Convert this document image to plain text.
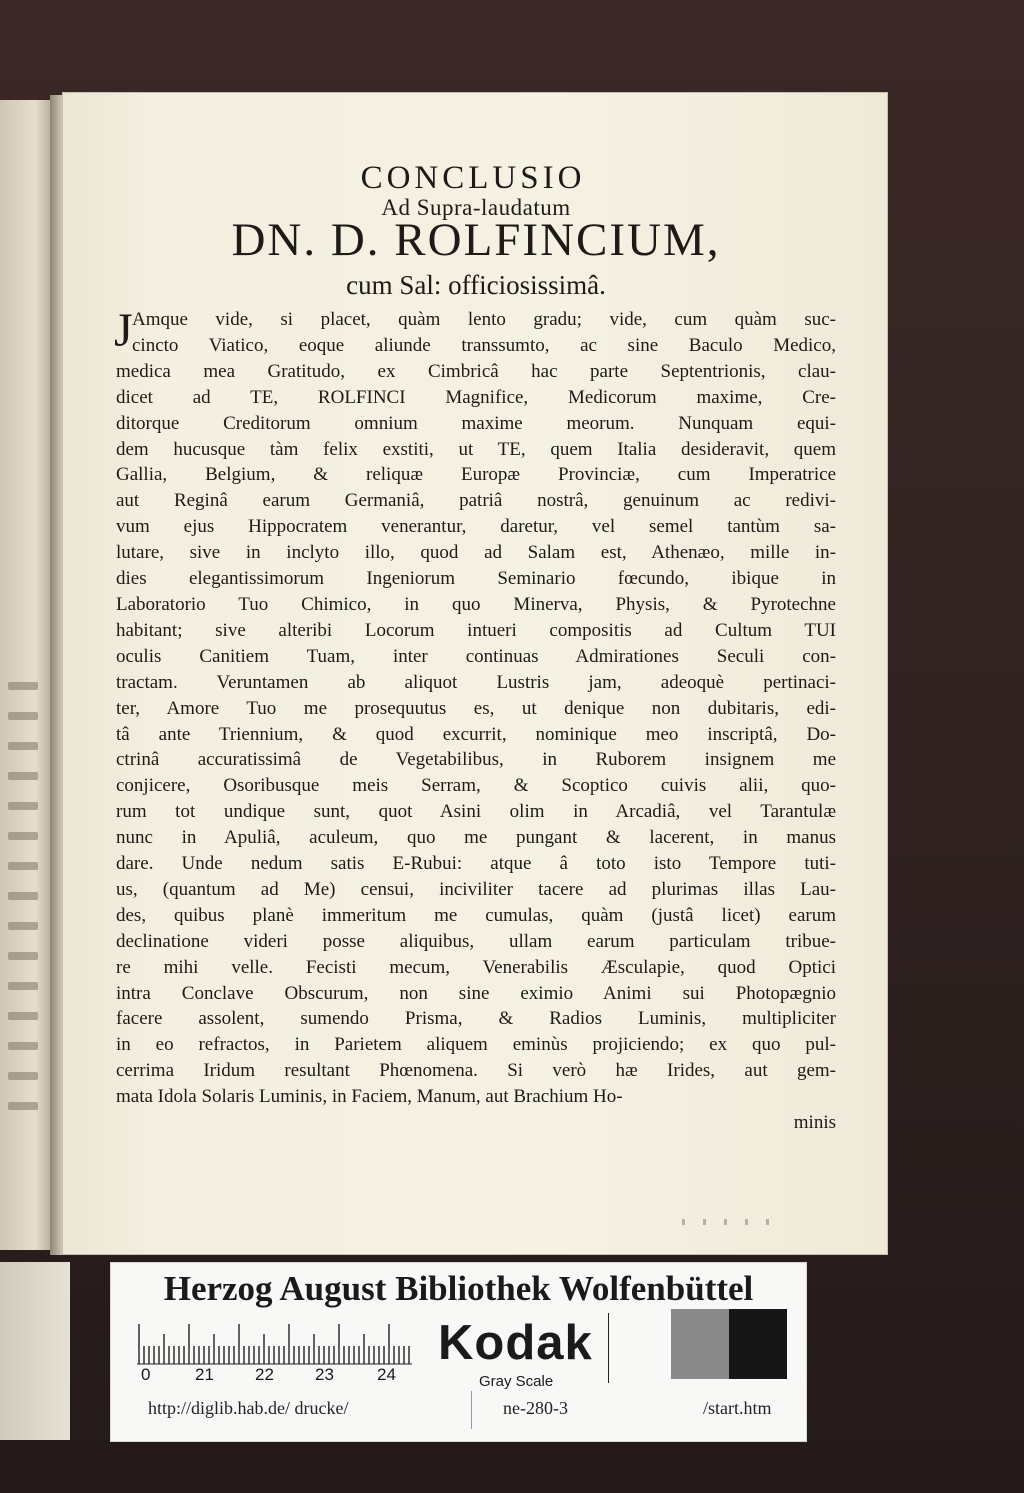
CONCLUSIO
Ad Supra-laudatum
DN. D. ROLFINCIUM,
cum Sal: officiosissimâ.
J Amque vide, si placet, quàm lento gradu; vide, cum quàm suc-
cincto Viatico, eoque aliunde transsumto, ac sine Baculo Medico,
medica mea Gratitudo, ex Cimbricâ hac parte Septentrionis, clau-
dicet ad TE, ROLFINCI Magnifice, Medicorum maxime, Cre-
ditorque Creditorum omnium maxime meorum. Nunquam equi-
dem hucusque tàm felix exstiti, ut TE, quem Italia desideravit, quem
Gallia, Belgium, & reliquæ Europæ Provinciæ, cum Imperatrice
aut Reginâ earum Germaniâ, patriâ nostrâ, genuinum ac redivi-
vum ejus Hippocratem venerantur, daretur, vel semel tantùm sa-
lutare, sive in inclyto illo, quod ad Salam est, Athenæo, mille in-
dies elegantissimorum Ingeniorum Seminario fœcundo, ibique in
Laboratorio Tuo Chimico, in quo Minerva, Physis, & Pyrotechne
habitant; sive alteribi Locorum intueri compositis ad Cultum TUI
oculis Canitiem Tuam, inter continuas Admirationes Seculi con-
tractam. Veruntamen ab aliquot Lustris jam, adeoquè pertinaci-
ter, Amore Tuo me prosequutus es, ut denique non dubitaris, edi-
tâ ante Triennium, & quod excurrit, nominique meo inscriptâ, Do-
ctrinâ accuratissimâ de Vegetabilibus, in Ruborem insignem me
conjicere, Osoribusque meis Serram, & Scoptico cuivis alii, quo-
rum tot undique sunt, quot Asini olim in Arcadiâ, vel Tarantulæ
nunc in Apuliâ, aculeum, quo me pungant & lacerent, in manus
dare. Unde nedum satis E-Rubui: atque â toto isto Tempore tuti-
us, (quantum ad Me) censui, inciviliter tacere ad plurimas illas Lau-
des, quibus planè immeritum me cumulas, quàm (justâ licet) earum
declinatione videri posse aliquibus, ullam earum particulam tribue-
re mihi velle. Fecisti mecum, Venerabilis Æsculapie, quod Optici
intra Conclave Obscurum, non sine eximio Animi sui Photopægnio
facere assolent, sumendo Prisma, & Radios Luminis, multipliciter
in eo refractos, in Parietem aliquem eminùs projiciendo; ex quo pul-
cerrima Iridum resultant Phœnomena. Si verò hæ Irides, aut gem-
mata Idola Solaris Luminis, in Faciem, Manum, aut Brachium Ho-
minis
Herzog August Bibliothek Wolfenbüttel
0	21 22 23	24
Kodak
Gray Scale
http://diglib.hab.de/ drucke/	ne-280-3	/start.htm
